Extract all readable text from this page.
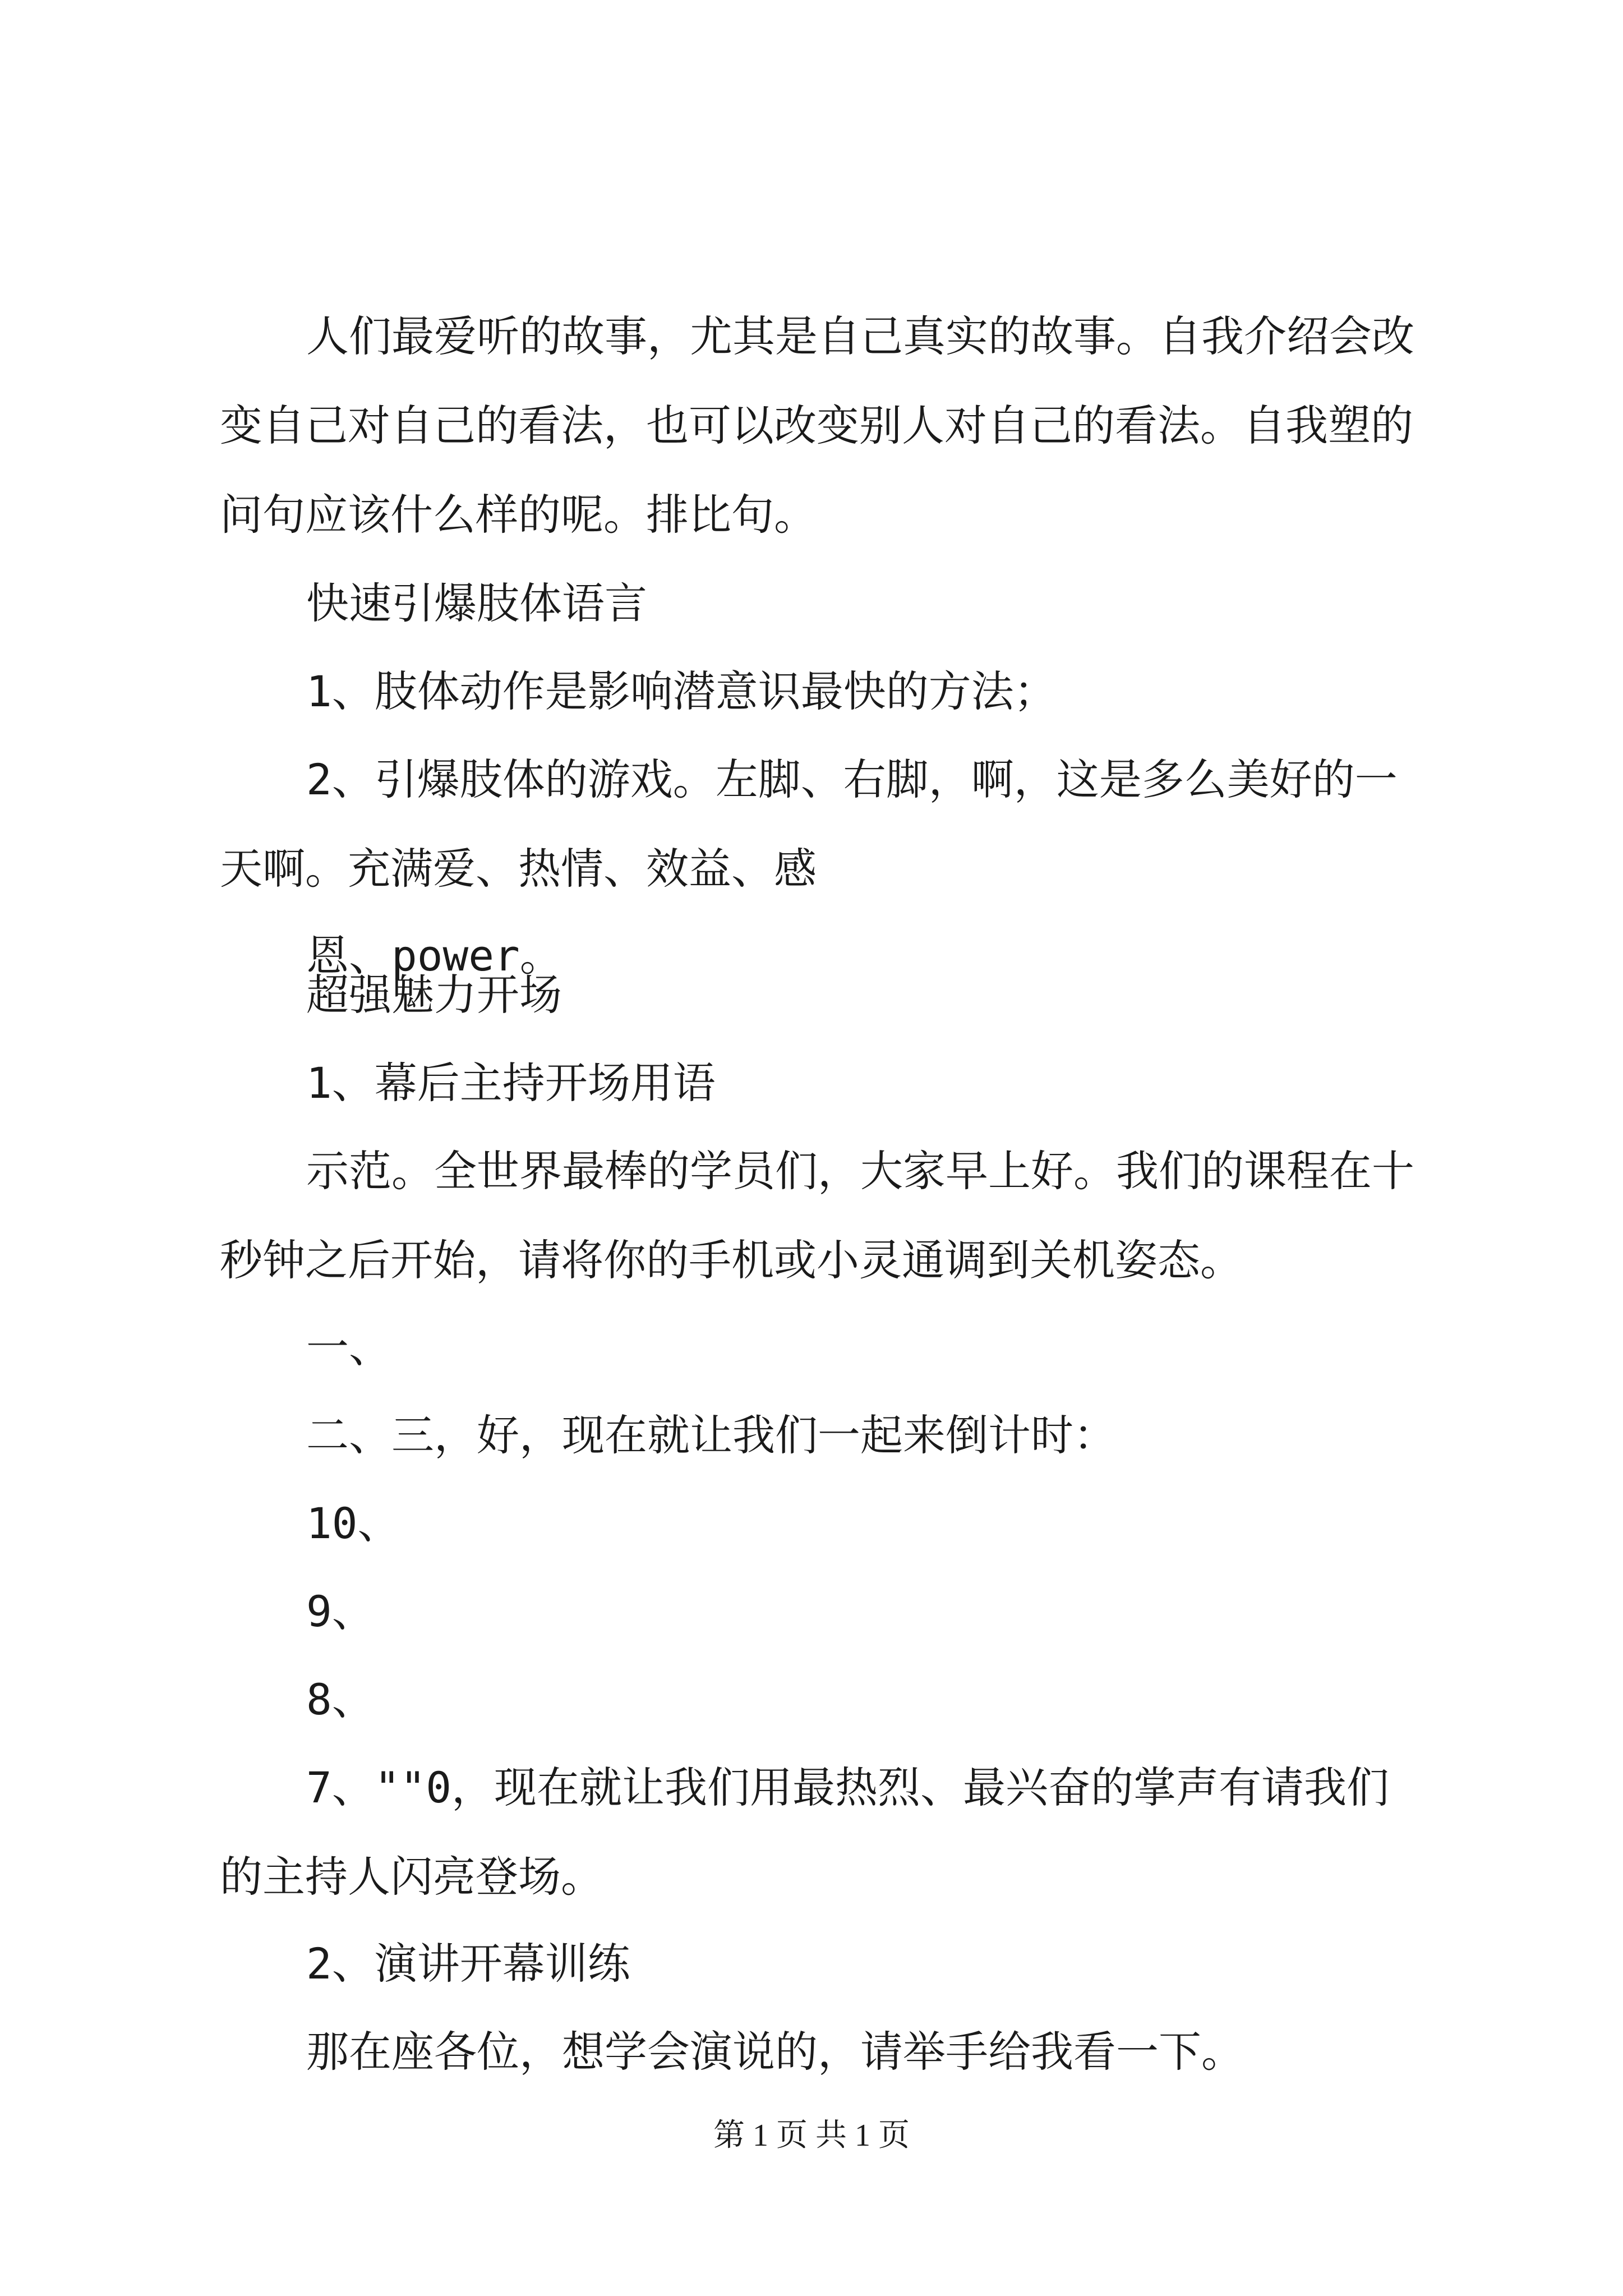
人们最爱听的故事，尤其是自己真实的故事。自我介绍会改变自己对自己的看法，也可以改变别人对自己的看法。自我塑的问句应该什么样的呢。排比句。

快速引爆肢体语言

1、肢体动作是影响潜意识最快的方法；

2、引爆肢体的游戏。左脚、右脚，啊，这是多么美好的一天啊。充满爱、热情、效益、感

恩、power。

超强魅力开场

1、幕后主持开场用语

示范。全世界最棒的学员们，大家早上好。我们的课程在十秒钟之后开始，请将你的手机或小灵通调到关机姿态。

一、

二、三，好，现在就让我们一起来倒计时：

10、

9、

8、

7、""0，现在就让我们用最热烈、最兴奋的掌声有请我们的主持人闪亮登场。

2、演讲开幕训练

那在座各位，想学会演说的，请举手给我看一下。

第 1 页 共 1 页
